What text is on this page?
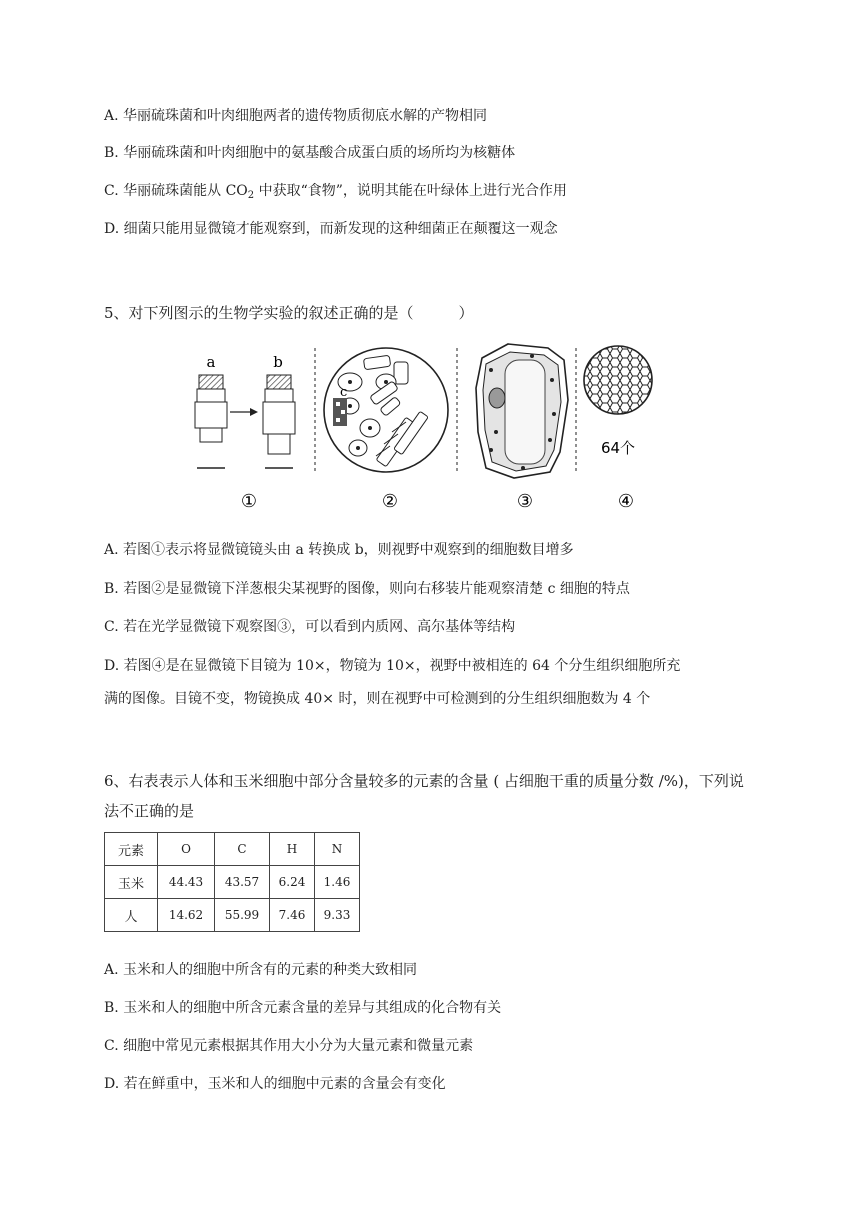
A. 华丽硫珠菌和叶肉细胞两者的遗传物质彻底水解的产物相同
B. 华丽硫珠菌和叶肉细胞中的氨基酸合成蛋白质的场所均为核糖体
C. 华丽硫珠菌能从 $CO_2$ 中获取“食物”，说明其能在叶绿体上进行光合作用
D. 细菌只能用显微镜才能观察到，而新发现的这种细菌正在颠覆这一观念
5、对下列图示的生物学实验的叙述正确的是（　　　）
a	b
c
64个
①	②	③	④
A. 若图①表示将显微镜镜头由 a 转换成 b，则视野中观察到的细胞数目增多
B. 若图②是显微镜下洋葱根尖某视野的图像，则向右移装片能观察清楚 c 细胞的特点
C. 若在光学显微镜下观察图③，可以看到内质网、高尔基体等结构
D. 若图④是在显微镜下目镜为 10×，物镜为 10×，视野中被相连的 64 个分生组织细胞所充
满的图像。目镜不变，物镜换成 40× 时，则在视野中可检测到的分生组织细胞数为 4 个
6、右表表示人体和玉米细胞中部分含量较多的元素的含量 ( 占细胞干重的质量分数 /%)，下列说
法不正确的是
元素	O	C	H	N
玉米	44.43	43.57	6.24	1.46
人	14.62	55.99	7.46	9.33
A. 玉米和人的细胞中所含有的元素的种类大致相同
B. 玉米和人的细胞中所含元素含量的差异与其组成的化合物有关
C. 细胞中常见元素根据其作用大小分为大量元素和微量元素
D. 若在鲜重中，玉米和人的细胞中元素的含量会有变化
